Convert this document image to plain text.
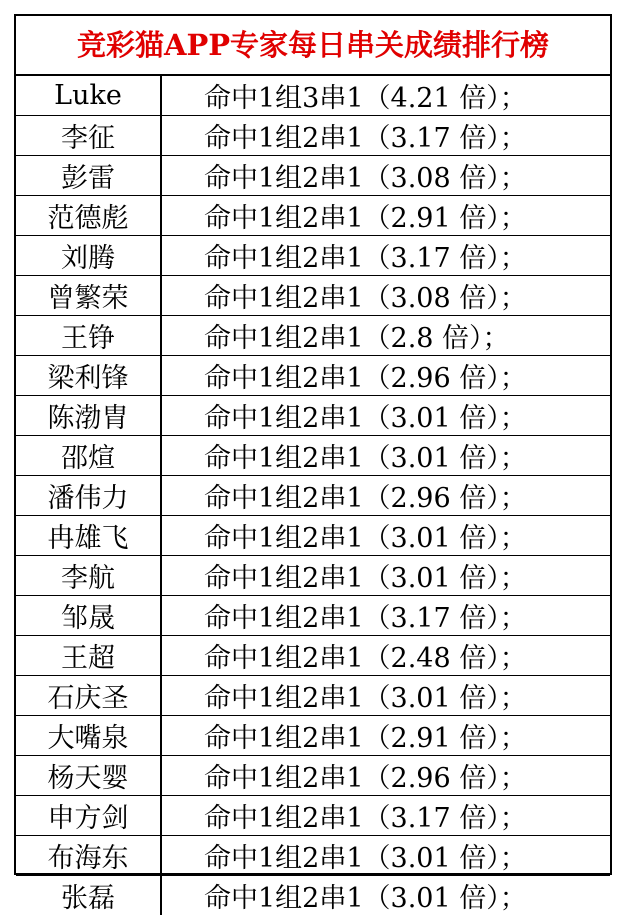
竞彩猫APP专家每日串关成绩排行榜
Luke	命中1组3串1（4.21 倍）；
李征	命中1组2串1（3.17 倍）；
彭雷	命中1组2串1（3.08 倍）；
范德彪	命中1组2串1（2.91 倍）；
刘腾	命中1组2串1（3.17 倍）；
曾繁荣	命中1组2串1（3.08 倍）；
王铮	命中1组2串1（2.8 倍）；
梁利锋	命中1组2串1（2.96 倍）；
陈渤胄	命中1组2串1（3.01 倍）；
邵煊	命中1组2串1（3.01 倍）；
潘伟力	命中1组2串1（2.96 倍）；
冉雄飞	命中1组2串1（3.01 倍）；
李航	命中1组2串1（3.01 倍）；
邹晟	命中1组2串1（3.17 倍）；
王超	命中1组2串1（2.48 倍）；
石庆圣	命中1组2串1（3.01 倍）；
大嘴泉	命中1组2串1（2.91 倍）；
杨天婴	命中1组2串1（2.96 倍）；
申方剑	命中1组2串1（3.17 倍）；
布海东	命中1组2串1（3.01 倍）；
张磊	命中1组2串1（3.01 倍）；
